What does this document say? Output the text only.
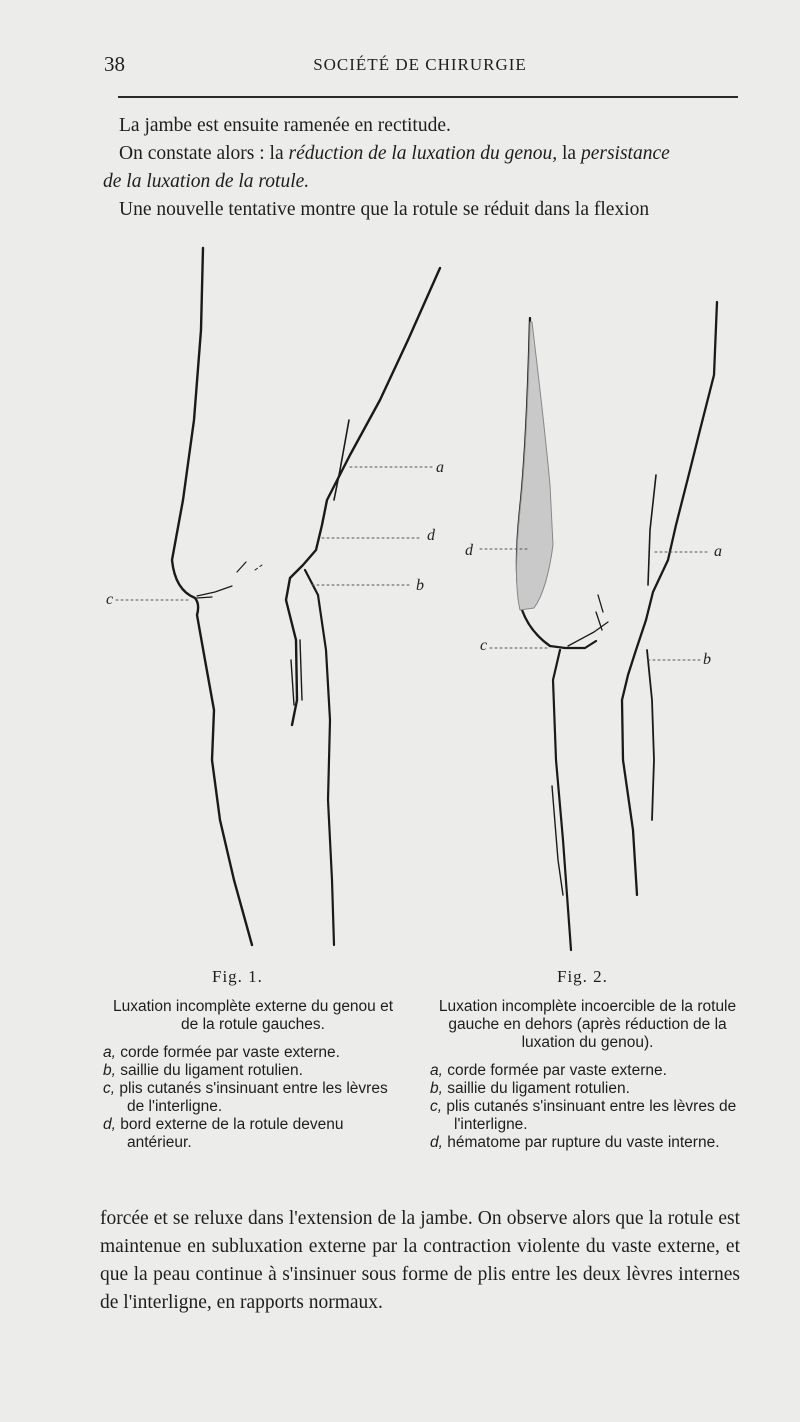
38	SOCIÉTÉ DE CHIRURGIE

La jambe est ensuite ramenée en rectitude.

On constate alors : la réduction de la luxation du genou, la persistance

de la luxation de la rotule.

Une nouvelle tentative montre que la rotule se réduit dans la flexion

a
d
b
c
d	a
c
b
Fig. 1.	Fig. 2.
Luxation incomplète externe du genou et de la rotule gauches.
a, corde formée par vaste externe.
b, saillie du ligament rotulien.
c, plis cutanés s'insinuant entre les lèvres de l'interligne.
d, bord externe de la rotule devenu antérieur.
Luxation incomplète incoercible de la rotule gauche en dehors (après réduction de la luxation du genou).
a, corde formée par vaste externe.
b, saillie du ligament rotulien.
c, plis cutanés s'insinuant entre les lèvres de l'interligne.
d, hématome par rupture du vaste interne.

forcée et se reluxe dans l'extension de la jambe. On observe alors que la rotule est maintenue en subluxation externe par la contraction violente du vaste externe, et que la peau continue à s'insinuer sous forme de plis entre les deux lèvres internes de l'interligne, en rapports normaux.
